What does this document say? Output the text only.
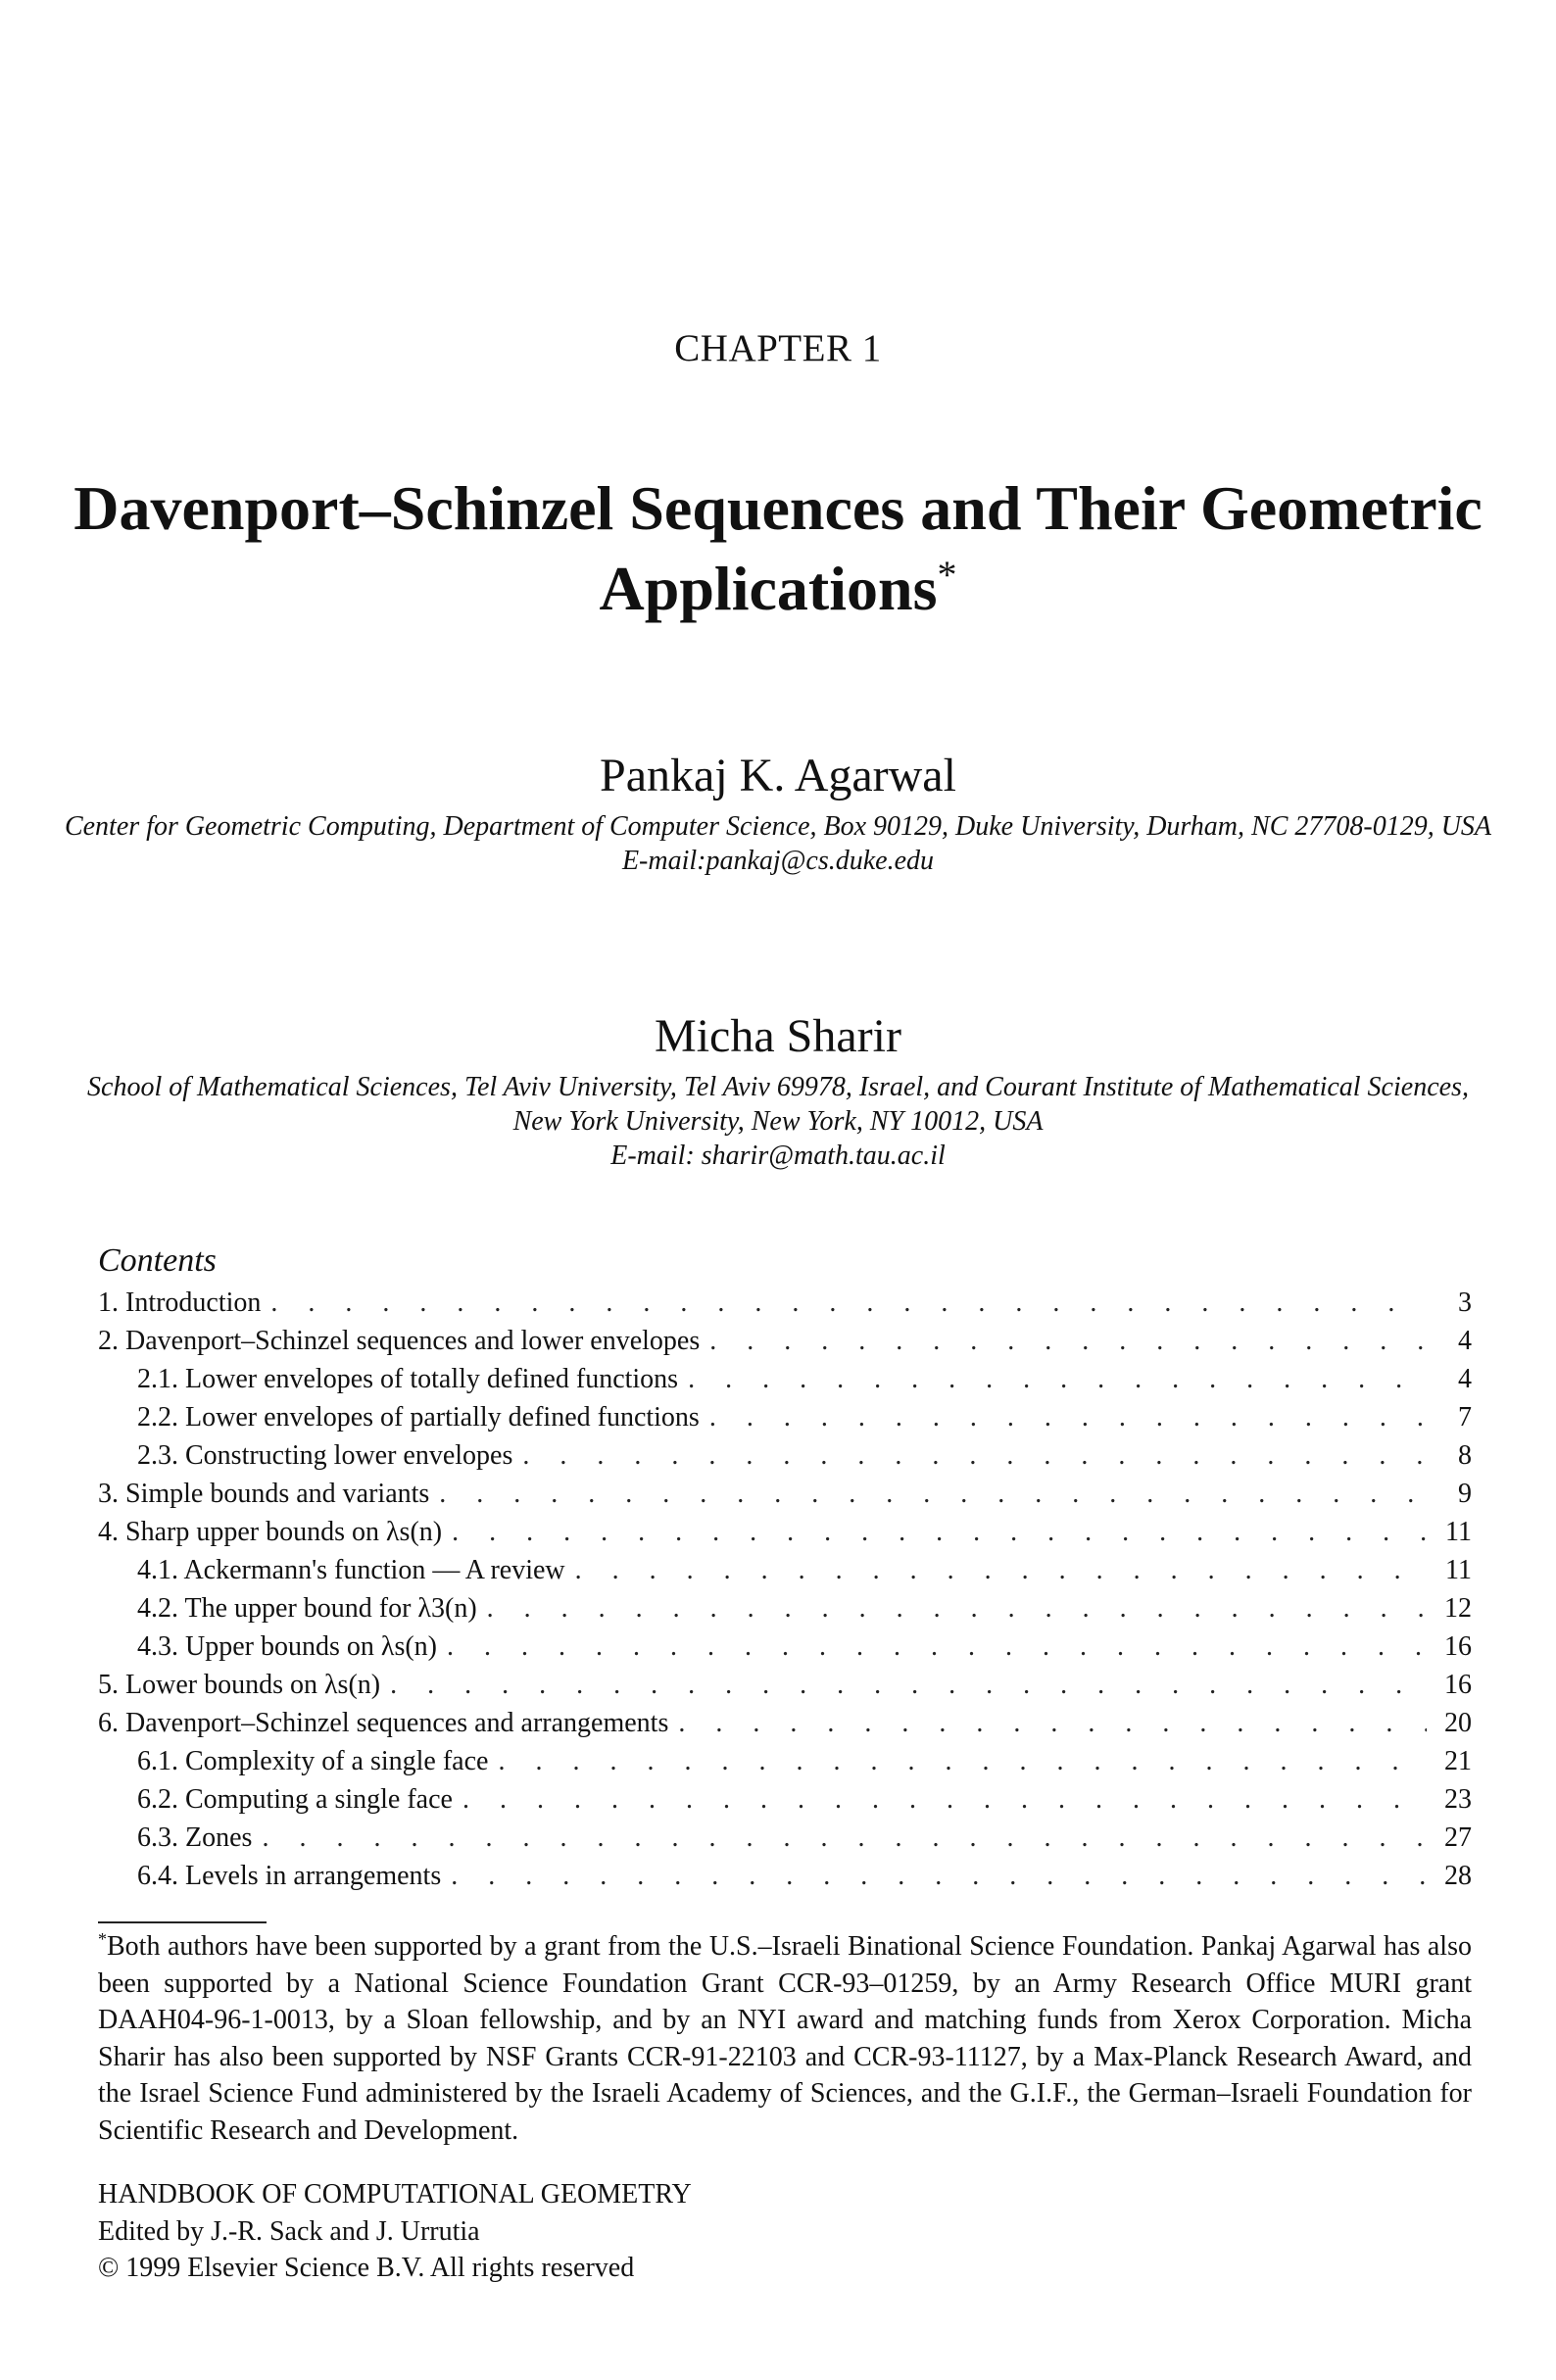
CHAPTER 1
Davenport–Schinzel Sequences and Their Geometric Applications*
Pankaj K. Agarwal
Center for Geometric Computing, Department of Computer Science, Box 90129, Duke University, Durham, NC 27708-0129, USA
E-mail:pankaj@cs.duke.edu
Micha Sharir
School of Mathematical Sciences, Tel Aviv University, Tel Aviv 69978, Israel, and Courant Institute of Mathematical Sciences, New York University, New York, NY 10012, USA
E-mail: sharir@math.tau.ac.il
Contents
1. Introduction . . .	3
2. Davenport–Schinzel sequences and lower envelopes . . .	4
2.1. Lower envelopes of totally defined functions . . .	4
2.2. Lower envelopes of partially defined functions . . .	7
2.3. Constructing lower envelopes . . .	8
3. Simple bounds and variants . . .	9
4. Sharp upper bounds on λs(n) . . .	11
4.1. Ackermann's function — A review . . .	11
4.2. The upper bound for λ3(n) . . .	12
4.3. Upper bounds on λs(n) . . .	16
5. Lower bounds on λs(n) . . .	16
6. Davenport–Schinzel sequences and arrangements . . .	20
6.1. Complexity of a single face . . .	21
6.2. Computing a single face . . .	23
6.3. Zones . . .	27
6.4. Levels in arrangements . . .	28
*Both authors have been supported by a grant from the U.S.–Israeli Binational Science Foundation. Pankaj Agarwal has also been supported by a National Science Foundation Grant CCR-93–01259, by an Army Research Office MURI grant DAAH04-96-1-0013, by a Sloan fellowship, and by an NYI award and matching funds from Xerox Corporation. Micha Sharir has also been supported by NSF Grants CCR-91-22103 and CCR-93-11127, by a Max-Planck Research Award, and the Israel Science Fund administered by the Israeli Academy of Sciences, and the G.I.F., the German–Israeli Foundation for Scientific Research and Development.
HANDBOOK OF COMPUTATIONAL GEOMETRY
Edited by J.-R. Sack and J. Urrutia
© 1999 Elsevier Science B.V. All rights reserved
